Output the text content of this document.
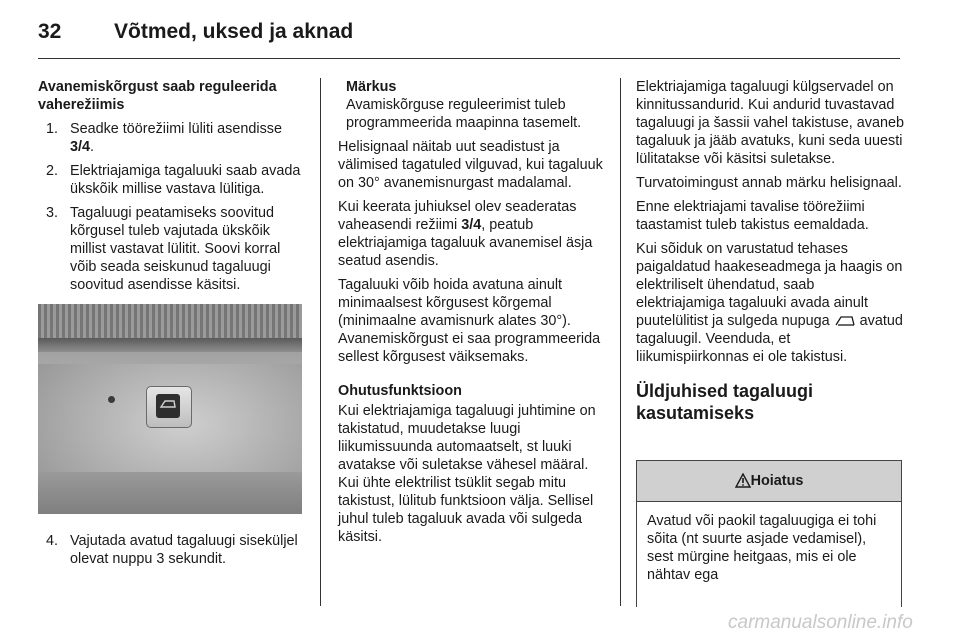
32	Võtmed, uksed ja aknad

Avanemiskõrgust saab reguleerida vaherežiimis

1. Seadke töörežiimi lüliti asendisse 3/4.
2. Elektriajamiga tagaluuki saab avada ükskõik millise vastava lülitiga.
3. Tagaluugi peatamiseks soovitud kõrgusel tuleb vajutada ükskõik millist vastavat lülitit. Soovi korral võib seada seiskunud tagaluugi soovitud asendisse käsitsi.
4. Vajutada avatud tagaluugi siseküljel olevat nuppu 3 sekundit.
Märkus
Avamiskõrguse reguleerimist tuleb programmeerida maapinna tasemelt.

Helisignaal näitab uut seadistust ja välimised tagatuled vilguvad, kui tagaluuk on 30° avanemisnurgast madalamal.

Kui keerata juhiuksel olev seaderatas vaheasendi režiimi 3/4, peatub elektriajamiga tagaluuk avanemisel äsja seatud asendis.

Tagaluuki võib hoida avatuna ainult minimaalsest kõrgusest kõrgemal (minimaalne avamisnurk alates 30°). Avanemiskõrgust ei saa programmeerida sellest kõrgusest väiksemaks.

Ohutusfunktsioon

Kui elektriajamiga tagaluugi juhtimine on takistatud, muudetakse luugi liikumissuunda automaatselt, st luuki avatakse või suletakse vähesel määral. Kui ühte elektrilist tsüklit segab mitu takistust, lülitub funktsioon välja. Sellisel juhul tuleb tagaluuk avada või sulgeda käsitsi.

Elektriajamiga tagaluugi külgservadel on kinnitussandurid. Kui andurid tuvastavad tagaluugi ja šassii vahel takistuse, avaneb tagaluuk ja jääb avatuks, kuni seda uuesti lülitatakse või käsitsi suletakse.

Turvatoimingust annab märku helisignaal.

Enne elektriajami tavalise töörežiimi taastamist tuleb takistus eemaldada.

Kui sõiduk on varustatud tehases paigaldatud haakeseadmega ja haagis on elektriliselt ühendatud, saab elektriajamiga tagaluuki avada ainult puutelülitist ja sulgeda nupuga  avatud tagaluugil. Veenduda, et liikumispiirkonnas ei ole takistusi.

Üldjuhised tagaluugi kasutamiseks
Hoiatus
Avatud või paokil tagaluugiga ei tohi sõita (nt suurte asjade vedamisel), sest mürgine heitgaas, mis ei ole nähtav ega
carmanualsonline.info
